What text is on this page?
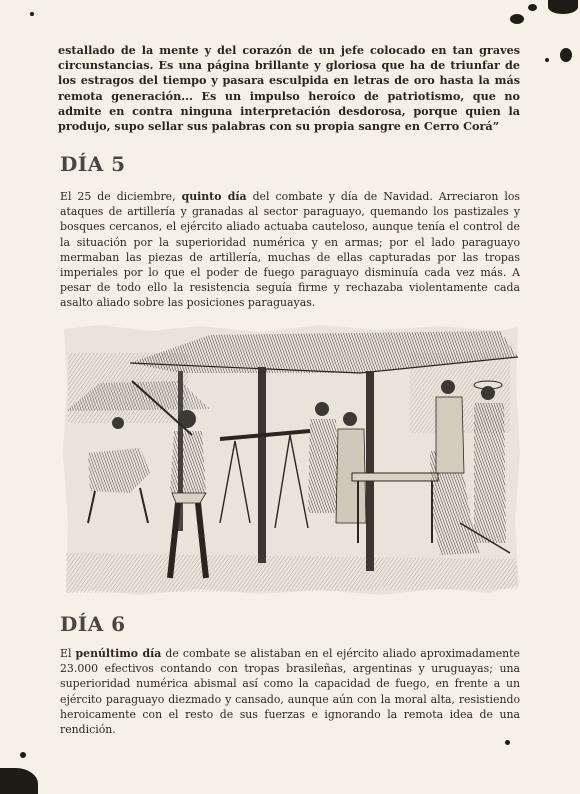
estallado de la mente y del corazón de un jefe colocado en tan graves circunstancias. Es una página brillante y gloriosa que ha de triunfar de los estragos del tiempo y pasara esculpida en letras de oro hasta la más remota generación... Es un impulso heroíco de patriotismo, que no admite en contra ninguna interpretación desdorosa, porque quien la produjo, supo sellar sus palabras con su propia sangre en Cerro Corá”

DÍA 5

El 25 de diciembre, quinto día del combate y día de Navidad. Arreciaron los ataques de artillería y granadas al sector paraguayo, quemando los pastizales y bosques cercanos, el ejército aliado actuaba cauteloso, aunque tenía el control de la situación por la superioridad numérica y en armas; por el lado paraguayo mermaban las piezas de artillería, muchas de ellas capturadas por las tropas imperiales por lo que el poder de fuego paraguayo disminuía cada vez más. A pesar de todo ello la resistencia seguía firme y rechazaba violentamente cada asalto aliado sobre las posiciones paraguayas.

DÍA 6

El penúltimo día de combate se alistaban en el ejército aliado aproximadamente 23.000 efectivos contando con tropas brasileñas, argentinas y uruguayas; una superioridad numérica abismal así como la capacidad de fuego, en frente a un ejército paraguayo diezmado y cansado, aunque aún con la moral alta, resistiendo heroicamente con el resto de sus fuerzas e ignorando la remota idea de una rendición.
